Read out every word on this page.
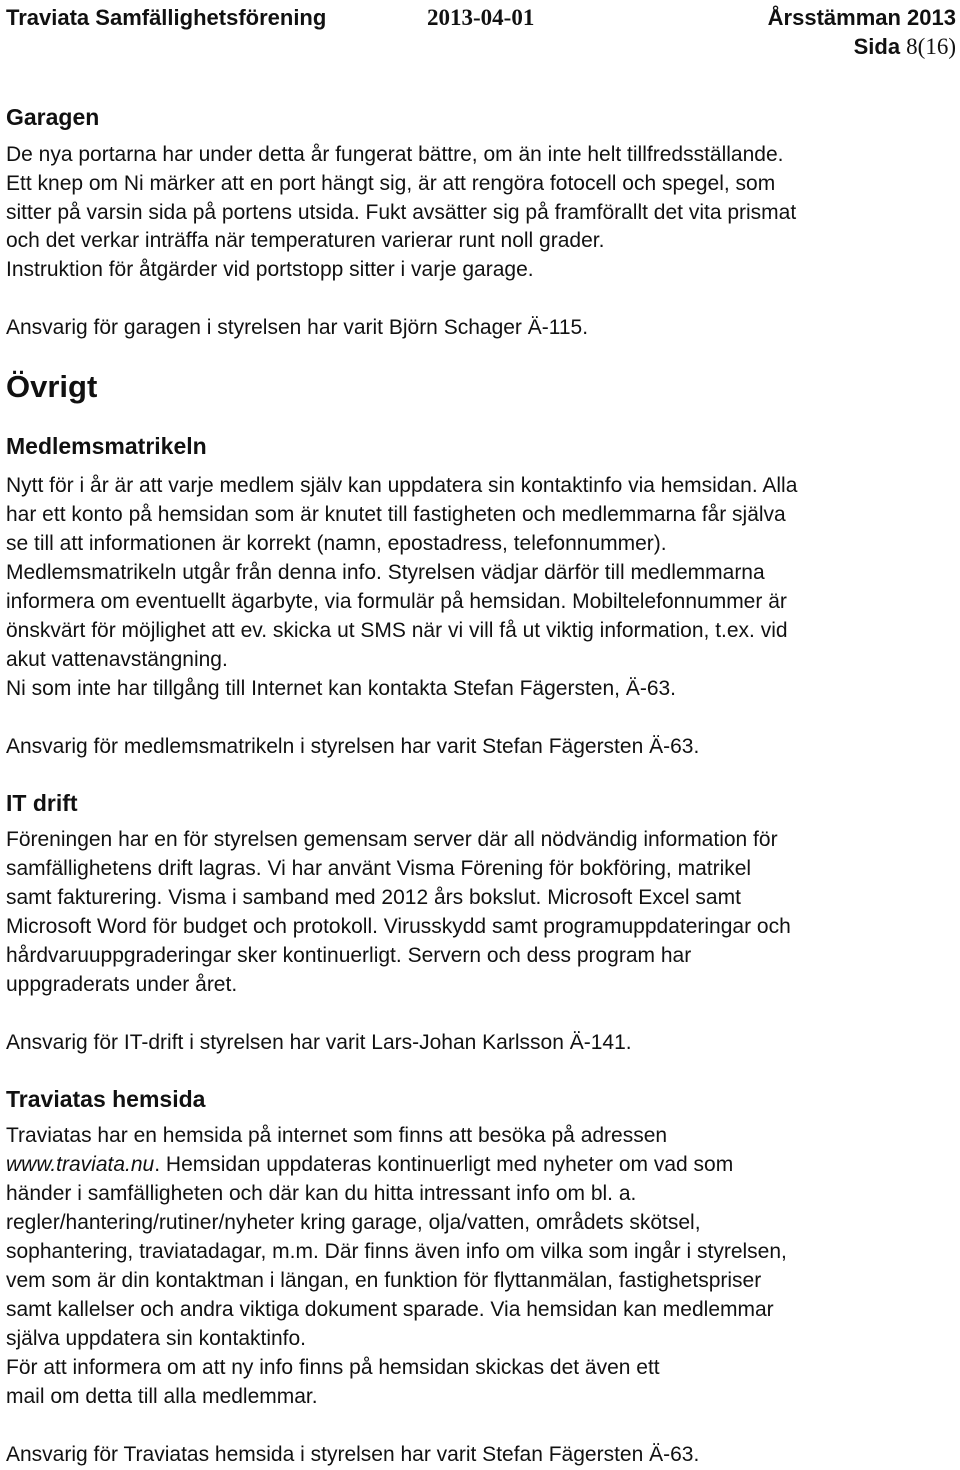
Traviata Samfällighetsförening	2013-04-01	Årsstämman 2013
Sida 8(16)
Garagen
De nya portarna har under detta år fungerat bättre, om än inte helt tillfredsställande.
Ett knep om Ni märker att en port hängt sig, är att rengöra fotocell och spegel, som
sitter på varsin sida på portens utsida. Fukt avsätter sig på framförallt det vita prismat
och det verkar inträffa när temperaturen varierar runt noll grader.
Instruktion för åtgärder vid portstopp sitter i varje garage.
Ansvarig för garagen i styrelsen har varit Björn Schager Ä-115.
Övrigt
Medlemsmatrikeln
Nytt för i år är att varje medlem själv kan uppdatera sin kontaktinfo via hemsidan. Alla
har ett konto på hemsidan som är knutet till fastigheten och medlemmarna får själva
se till att informationen är korrekt (namn, epostadress, telefonnummer).
Medlemsmatrikeln utgår från denna info. Styrelsen vädjar därför till medlemmarna
informera om eventuellt ägarbyte, via formulär på hemsidan. Mobiltelefonnummer är
önskvärt för möjlighet att ev. skicka ut SMS när vi vill få ut viktig information, t.ex. vid
akut vattenavstängning.
Ni som inte har tillgång till Internet kan kontakta Stefan Fägersten, Ä-63.
Ansvarig för medlemsmatrikeln i styrelsen har varit Stefan Fägersten Ä-63.
IT drift
Föreningen har en för styrelsen gemensam server där all nödvändig information för
samfällighetens drift lagras. Vi har använt Visma Förening för bokföring, matrikel
samt fakturering. Visma i samband med 2012 års bokslut. Microsoft Excel samt
Microsoft Word för budget och protokoll. Virusskydd samt programuppdateringar och
hårdvaruuppgraderingar sker kontinuerligt. Servern och dess program har
uppgraderats under året.
Ansvarig för IT-drift i styrelsen har varit Lars-Johan Karlsson Ä-141.
Traviatas hemsida
Traviatas har en hemsida på internet som finns att besöka på adressen
www.traviata.nu. Hemsidan uppdateras kontinuerligt med nyheter om vad som
händer i samfälligheten och där kan du hitta intressant info om bl. a.
regler/hantering/rutiner/nyheter kring garage, olja/vatten, områdets skötsel,
sophantering, traviatadagar, m.m. Där finns även info om vilka som ingår i styrelsen,
vem som är din kontaktman i längan, en funktion för flyttanmälan, fastighetspriser
samt kallelser och andra viktiga dokument sparade. Via hemsidan kan medlemmar
själva uppdatera sin kontaktinfo.
För att informera om att ny info finns på hemsidan skickas det även ett
mail om detta till alla medlemmar.
Ansvarig för Traviatas hemsida i styrelsen har varit Stefan Fägersten Ä-63.
